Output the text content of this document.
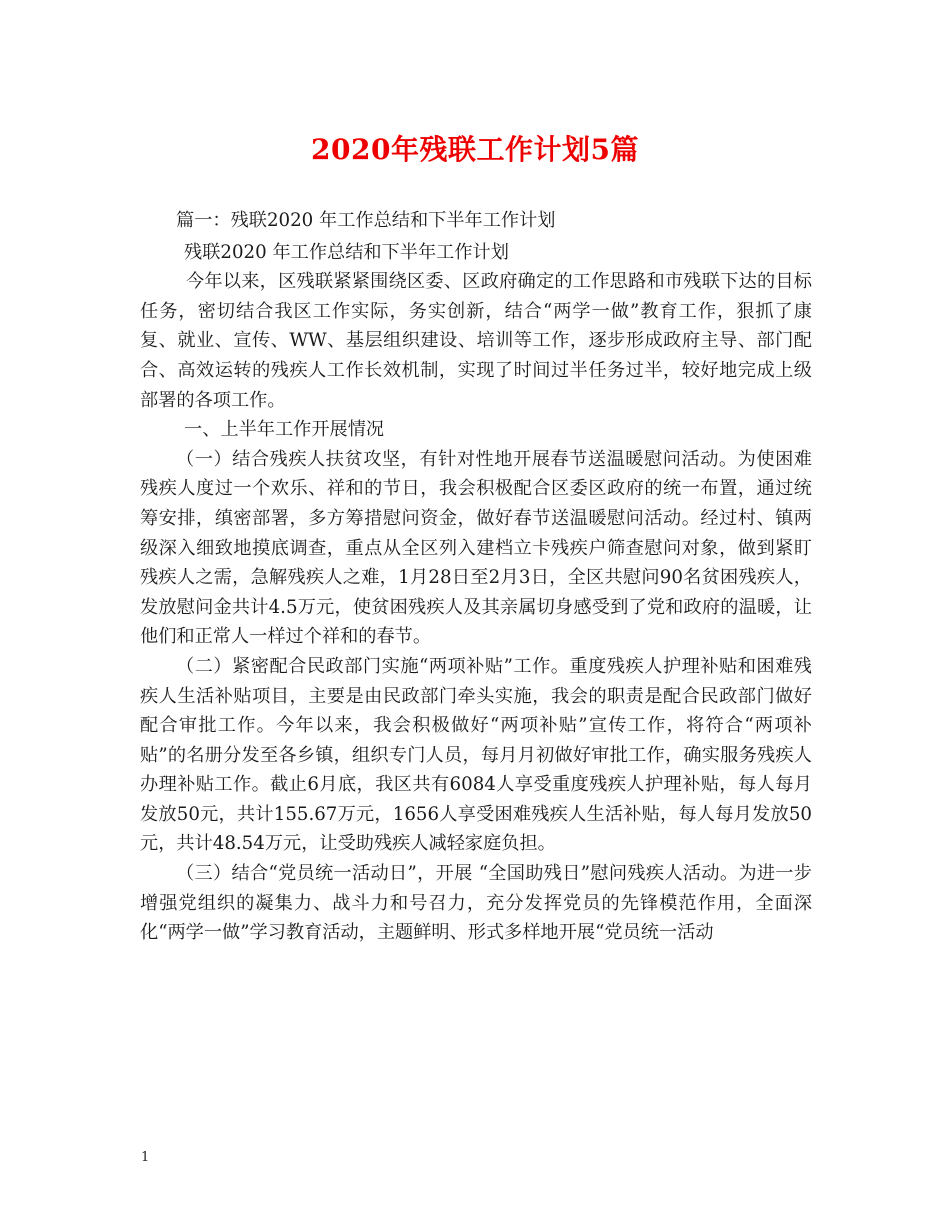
2020年残联工作计划5篇

篇一：残联2020 年工作总结和下半年工作计划

残联2020 年工作总结和下半年工作计划

今年以来，区残联紧紧围绕区委、区政府确定的工作思路和市残联下达的目标任务，密切结合我区工作实际，务实创新，结合“两学一做”教育工作，狠抓了康复、就业、宣传、WW、基层组织建设、培训等工作，逐步形成政府主导、部门配合、高效运转的残疾人工作长效机制，实现了时间过半任务过半，较好地完成上级部署的各项工作。

一、上半年工作开展情况

（一）结合残疾人扶贫攻坚，有针对性地开展春节送温暖慰问活动。为使困难残疾人度过一个欢乐、祥和的节日，我会积极配合区委区政府的统一布置，通过统筹安排，缜密部署，多方筹措慰问资金，做好春节送温暖慰问活动。经过村、镇两级深入细致地摸底调查，重点从全区列入建档立卡残疾户筛查慰问对象，做到紧盯残疾人之需，急解残疾人之难，1月28日至2月3日，全区共慰问90名贫困残疾人，发放慰问金共计4.5万元，使贫困残疾人及其亲属切身感受到了党和政府的温暖，让他们和正常人一样过个祥和的春节。

（二）紧密配合民政部门实施“两项补贴”工作。重度残疾人护理补贴和困难残疾人生活补贴项目，主要是由民政部门牵头实施，我会的职责是配合民政部门做好配合审批工作。今年以来，我会积极做好“两项补贴”宣传工作，将符合“两项补贴”的名册分发至各乡镇，组织专门人员，每月月初做好审批工作，确实服务残疾人办理补贴工作。截止6月底，我区共有6084人享受重度残疾人护理补贴，每人每月发放50元，共计155.67万元，1656人享受困难残疾人生活补贴，每人每月发放50元，共计48.54万元，让受助残疾人减轻家庭负担。

（三）结合“党员统一活动日”，开展 “全国助残日”慰问残疾人活动。为进一步增强党组织的凝集力、战斗力和号召力，充分发挥党员的先锋模范作用，全面深化“两学一做”学习教育活动，主题鲜明、形式多样地开展“党员统一活动

1
